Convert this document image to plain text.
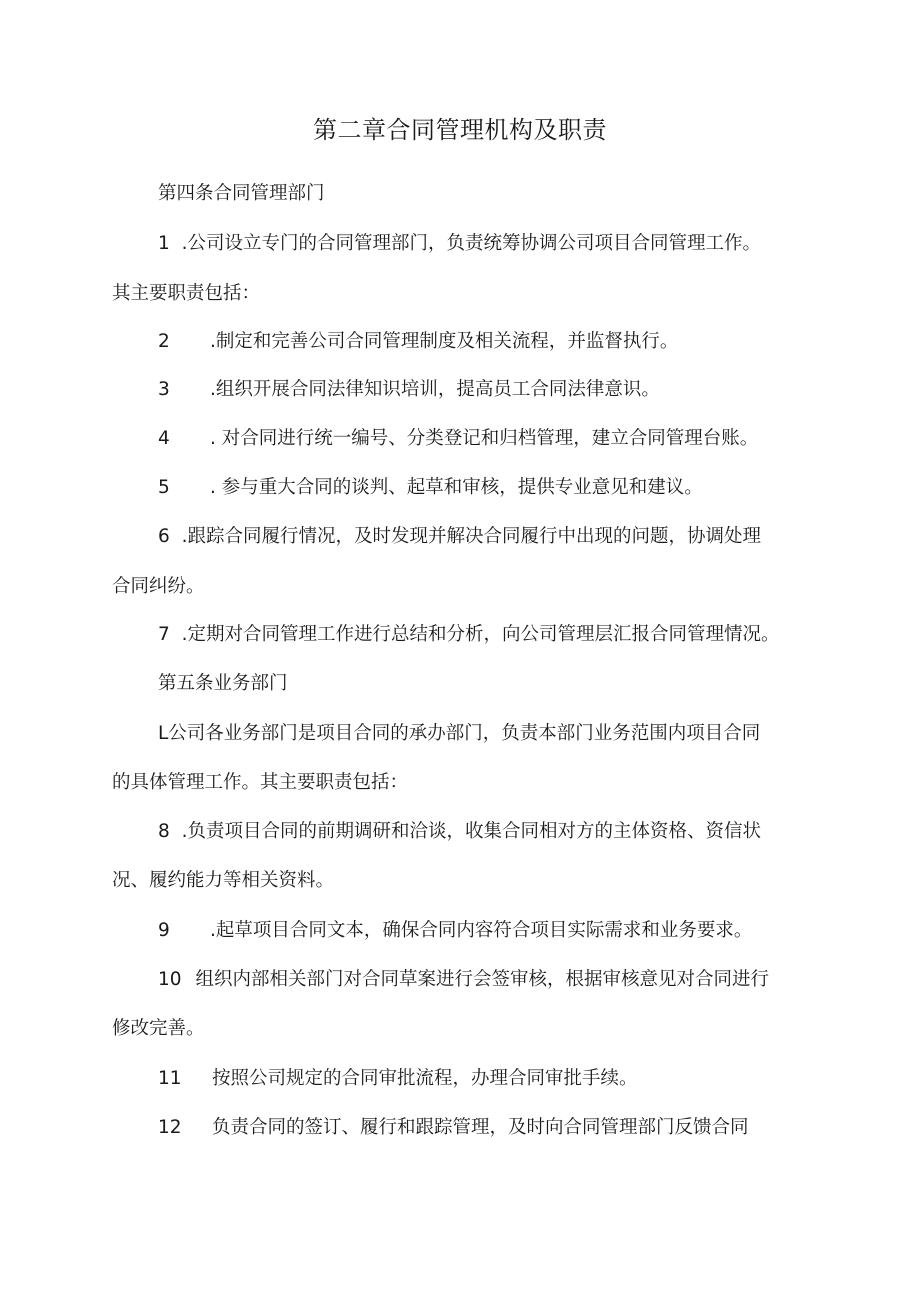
第二章合同管理机构及职责
第四条合同管理部门
1 .公司设立专门的合同管理部门，负责统筹协调公司项目合同管理工作。
其主要职责包括：
2 .制定和完善公司合同管理制度及相关流程，并监督执行。
3 .组织开展合同法律知识培训，提高员工合同法律意识。
4 . 对合同进行统一编号、分类登记和归档管理，建立合同管理台账。
5 . 参与重大合同的谈判、起草和审核，提供专业意见和建议。
6 .跟踪合同履行情况，及时发现并解决合同履行中出现的问题，协调处理
合同纠纷。
7 .定期对合同管理工作进行总结和分析，向公司管理层汇报合同管理情况。
第五条业务部门
L公司各业务部门是项目合同的承办部门，负责本部门业务范围内项目合同
的具体管理工作。其主要职责包括：
8 .负责项目合同的前期调研和洽谈，收集合同相对方的主体资格、资信状
况、履约能力等相关资料。
9 .起草项目合同文本，确保合同内容符合项目实际需求和业务要求。
10 组织内部相关部门对合同草案进行会签审核，根据审核意见对合同进行
修改完善。
11 按照公司规定的合同审批流程，办理合同审批手续。
12 负责合同的签订、履行和跟踪管理，及时向合同管理部门反馈合同
